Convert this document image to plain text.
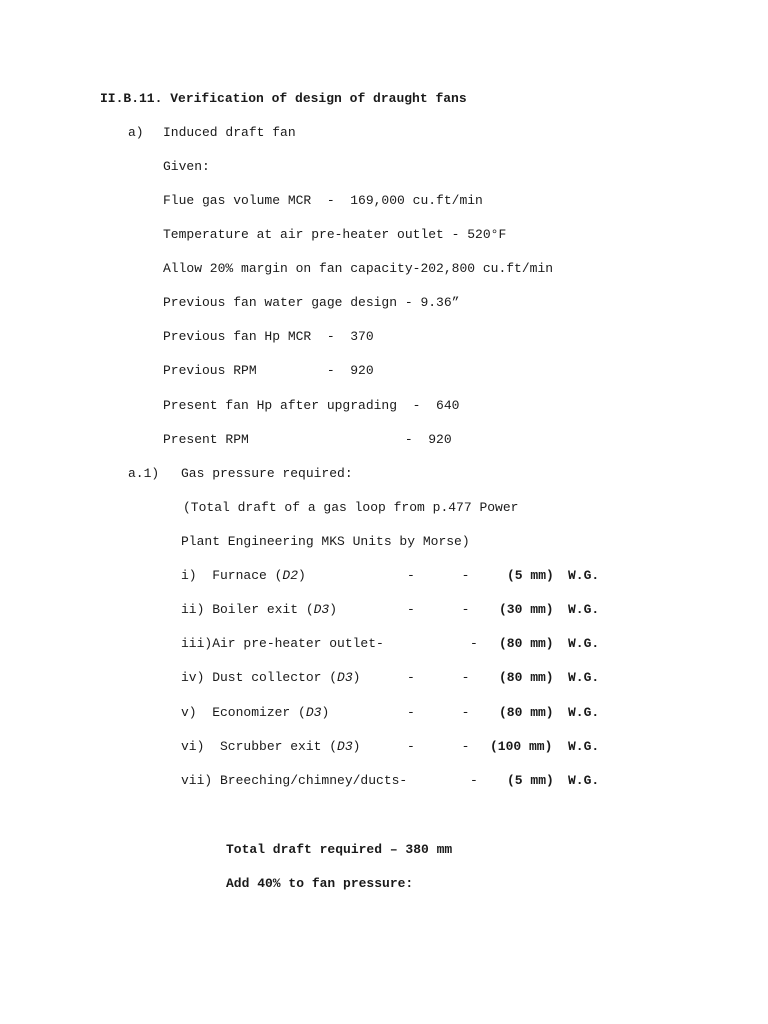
II.B.11. Verification of design of draught fans
a) Induced draft fan
Given:
Flue gas volume MCR  -  169,000 cu.ft/min
Temperature at air pre-heater outlet - 520°F
Allow 20% margin on fan capacity-202,800 cu.ft/min
Previous fan water gage design - 9.36”
Previous fan Hp MCR  -  370
Previous RPM         -  920
Present fan Hp after upgrading  -  640
Present RPM                    -  920
a.1) Gas pressure required:
(Total draft of a gas loop from p.477 Power
Plant Engineering MKS Units by Morse)
i)  Furnace (D2)	-      -	(5 mm) W.G.
ii) Boiler exit (D3)	-      - (30 mm) W.G.
iii)Air pre-heater outlet-	- (80 mm) W.G.
iv) Dust collector (D3)	-      - (80 mm) W.G.
v)  Economizer (D3)	-      - (80 mm) W.G.
vi)  Scrubber exit (D3)	-      - (100 mm) W.G.
vii) Breeching/chimney/ducts-	- (5 mm) W.G.
Total draft required – 380 mm
Add 40% to fan pressure:
